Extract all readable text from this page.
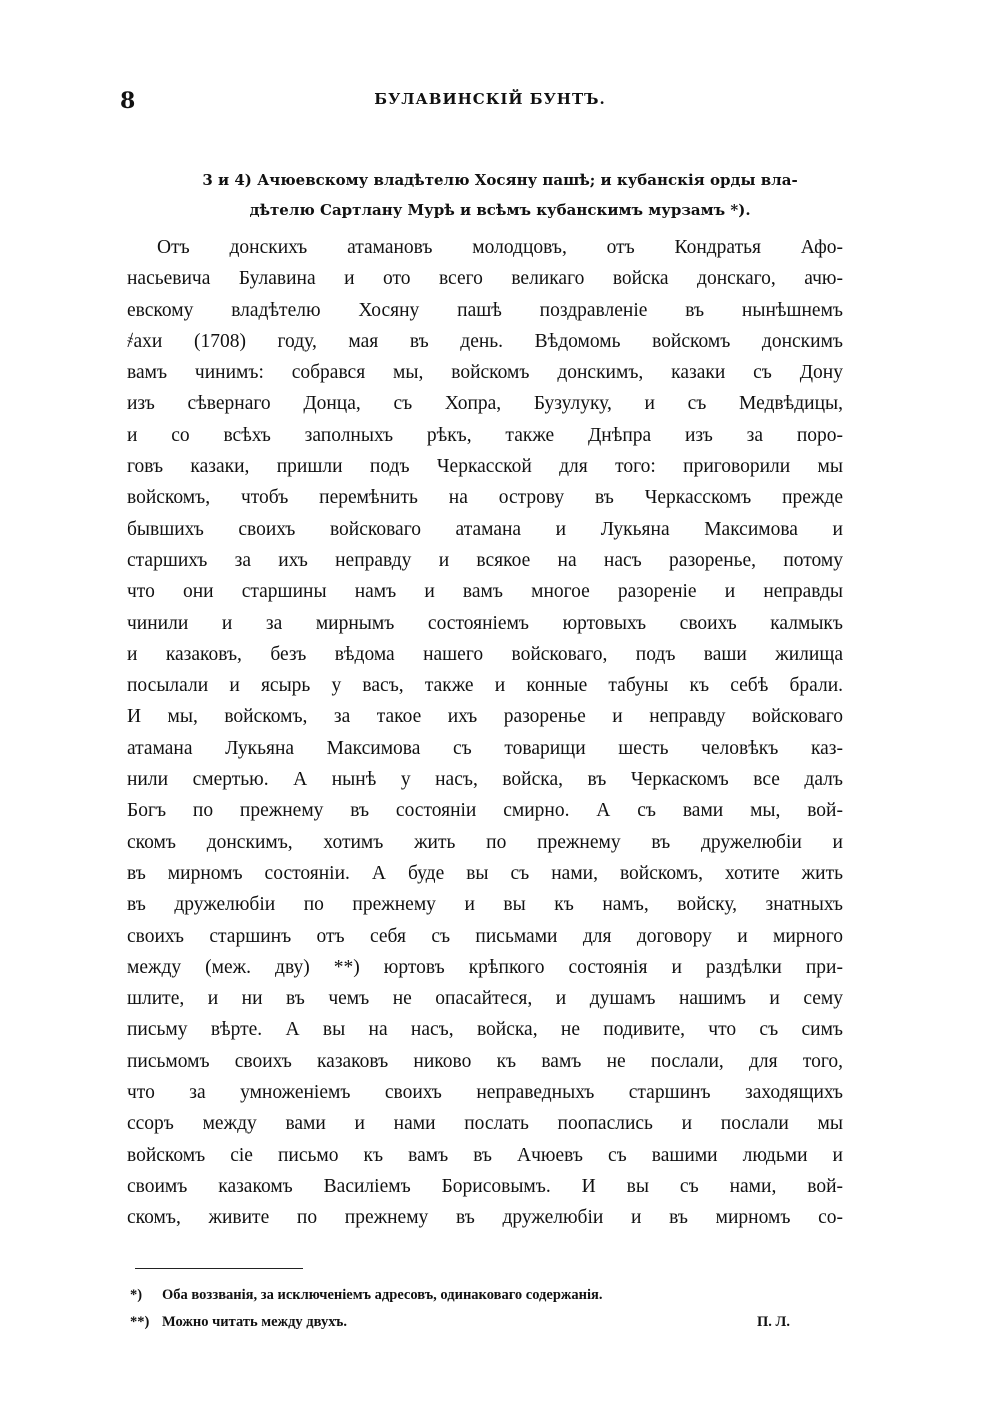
8	БУЛАВИНСКІЙ БУНТЪ.
3 и 4) Ачюевскому владѣтелю Хосяну пашѣ; и кубанскія орды вла-
дѣтелю Сартлану Мурѣ и всѣмъ кубанскимъ мурзамъ *).
Отъ донскихъ атамановъ молодцовъ, отъ Кондратья Афо-
насьевича Булавина и ото всего великаго войска донскаго, ачю-
евскому владѣтелю Хосяну пашѣ поздравленіе въ нынѣшнемъ
҂ахи (1708) году, мая въ день. Вѣдомомь войскомъ донскимъ
вамъ чинимъ: собрався мы, войскомъ донскимъ, казаки съ Дону
изъ сѣвернаго Донца, съ Хопра, Бузулуку, и съ Медвѣдицы,
и со всѣхъ заполныхъ рѣкъ, также Днѣпра изъ за поро-
говъ казаки, пришли подъ Черкасской для того: приговорили мы
войскомъ, чтобъ перемѣнить на острову въ Черкасскомъ прежде
бывшихъ своихъ войсковаго атамана и Лукьяна Максимова и
старшихъ за ихъ неправду и всякое на насъ разоренье, потому
что они старшины намъ и вамъ многое разореніе и неправды
чинили и за мирнымъ состояніемъ юртовыхъ своихъ калмыкъ
и казаковъ, безъ вѣдома нашего войсковаго, подъ ваши жилища
посылали и ясырь у васъ, также и конные табуны къ себѣ брали.
И мы, войскомъ, за такое ихъ разоренье и неправду войсковаго
атамана Лукьяна Максимова съ товарищи шесть человѣкъ каз-
нили смертью. А нынѣ у насъ, войска, въ Черкаскомъ все далъ
Богъ по прежнему въ состояніи смирно. А съ вами мы, вой-
скомъ донскимъ, хотимъ жить по прежнему въ дружелюбіи и
въ мирномъ состояніи. А буде вы съ нами, войскомъ, хотите жить
въ дружелюбіи по прежнему и вы къ намъ, войску, знатныхъ
своихъ старшинъ отъ себя съ письмами для договору и мирного
между (меж. дву) **) юртовъ крѣпкого состоянія и раздѣлки при-
шлите, и ни въ чемъ не опасайтеся, и душамъ нашимъ и сему
письму вѣрте. А вы на насъ, войска, не подивите, что съ симъ
письмомъ своихъ казаковъ никово къ вамъ не послали, для того,
что за умноженіемъ своихъ неправедныхъ старшинъ заходящихъ
ссоръ между вами и нами послать поопаслись и послали мы
войскомъ сіе письмо къ вамъ въ Ачюевъ съ вашими людьми и
своимъ казакомъ Василіемъ Борисовымъ. И вы съ нами, вой-
скомъ, живите по прежнему въ дружелюбіи и въ мирномъ со-
*) Оба воззванія, за исключеніемъ адресовъ, одинаковаго содержанія.
**) Можно читать между двухъ.	П. Л.
